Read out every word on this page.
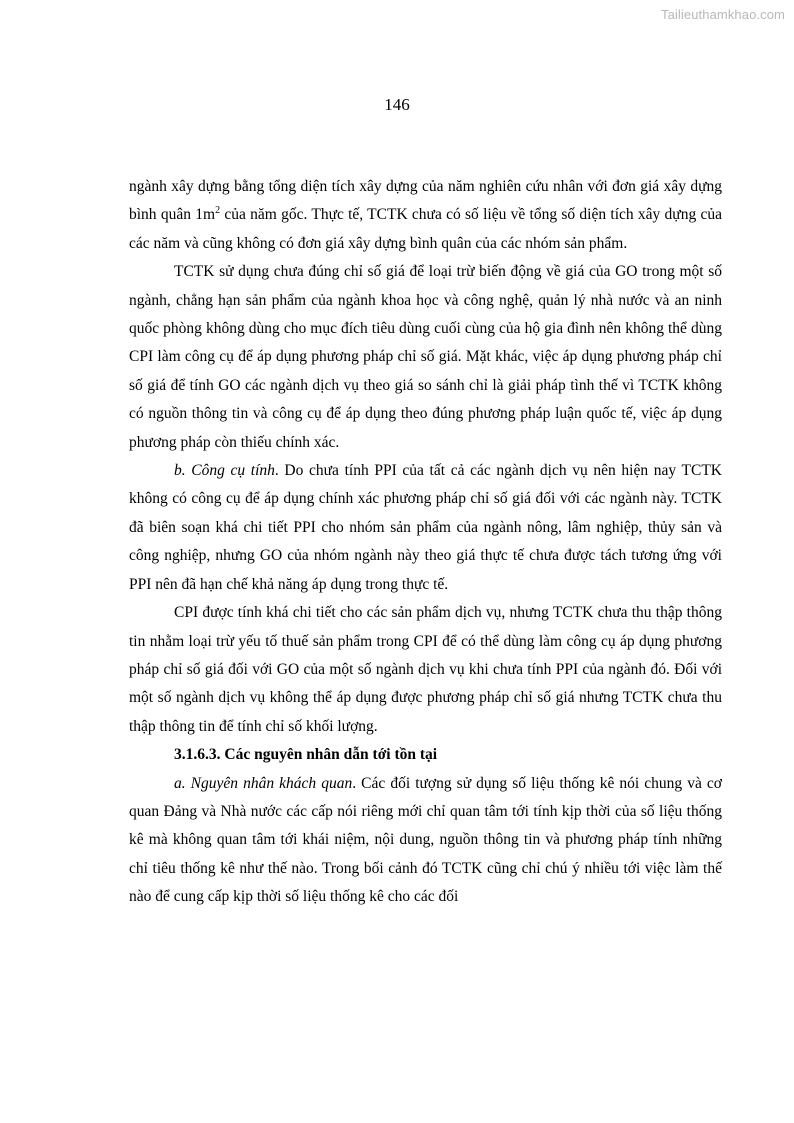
Tailieuthamkhao.com
146

ngành xây dựng bằng tổng diện tích xây dựng của năm nghiên cứu nhân với đơn giá xây dựng bình quân $1m^2$ của năm gốc. Thực tế, TCTK chưa có số liệu về tổng số diện tích xây dựng của các năm và cũng không có đơn giá xây dựng bình quân của các nhóm sản phẩm.

TCTK sử dụng chưa đúng chỉ số giá để loại trừ biến động về giá của GO trong một số ngành, chẳng hạn sản phẩm của ngành khoa học và công nghệ, quản lý nhà nước và an ninh quốc phòng không dùng cho mục đích tiêu dùng cuối cùng của hộ gia đình nên không thể dùng CPI làm công cụ để áp dụng phương pháp chỉ số giá. Mặt khác, việc áp dụng phương pháp chỉ số giá để tính GO các ngành dịch vụ theo giá so sánh chỉ là giải pháp tình thế vì TCTK không có nguồn thông tin và công cụ để áp dụng theo đúng phương pháp luận quốc tế, việc áp dụng phương pháp còn thiếu chính xác.

b. Công cụ tính. Do chưa tính PPI của tất cả các ngành dịch vụ nên hiện nay TCTK không có công cụ để áp dụng chính xác phương pháp chỉ số giá đối với các ngành này. TCTK đã biên soạn khá chi tiết PPI cho nhóm sản phẩm của ngành nông, lâm nghiệp, thủy sản và công nghiệp, nhưng GO của nhóm ngành này theo giá thực tế chưa được tách tương ứng với PPI nên đã hạn chế khả năng áp dụng trong thực tế.

CPI được tính khá chi tiết cho các sản phẩm dịch vụ, nhưng TCTK chưa thu thập thông tin nhằm loại trừ yếu tố thuế sản phẩm trong CPI để có thể dùng làm công cụ áp dụng phương pháp chỉ số giá đối với GO của một số ngành dịch vụ khi chưa tính PPI của ngành đó. Đối với một số ngành dịch vụ không thể áp dụng được phương pháp chỉ số giá nhưng TCTK chưa thu thập thông tin để tính chỉ số khối lượng.

3.1.6.3. Các nguyên nhân dẫn tới tồn tại

a. Nguyên nhân khách quan. Các đối tượng sử dụng số liệu thống kê nói chung và cơ quan Đảng và Nhà nước các cấp nói riêng mới chỉ quan tâm tới tính kịp thời của số liệu thống kê mà không quan tâm tới khái niệm, nội dung, nguồn thông tin và phương pháp tính những chỉ tiêu thống kê như thế nào. Trong bối cảnh đó TCTK cũng chỉ chú ý nhiều tới việc làm thế nào để cung cấp kịp thời số liệu thống kê cho các đối
